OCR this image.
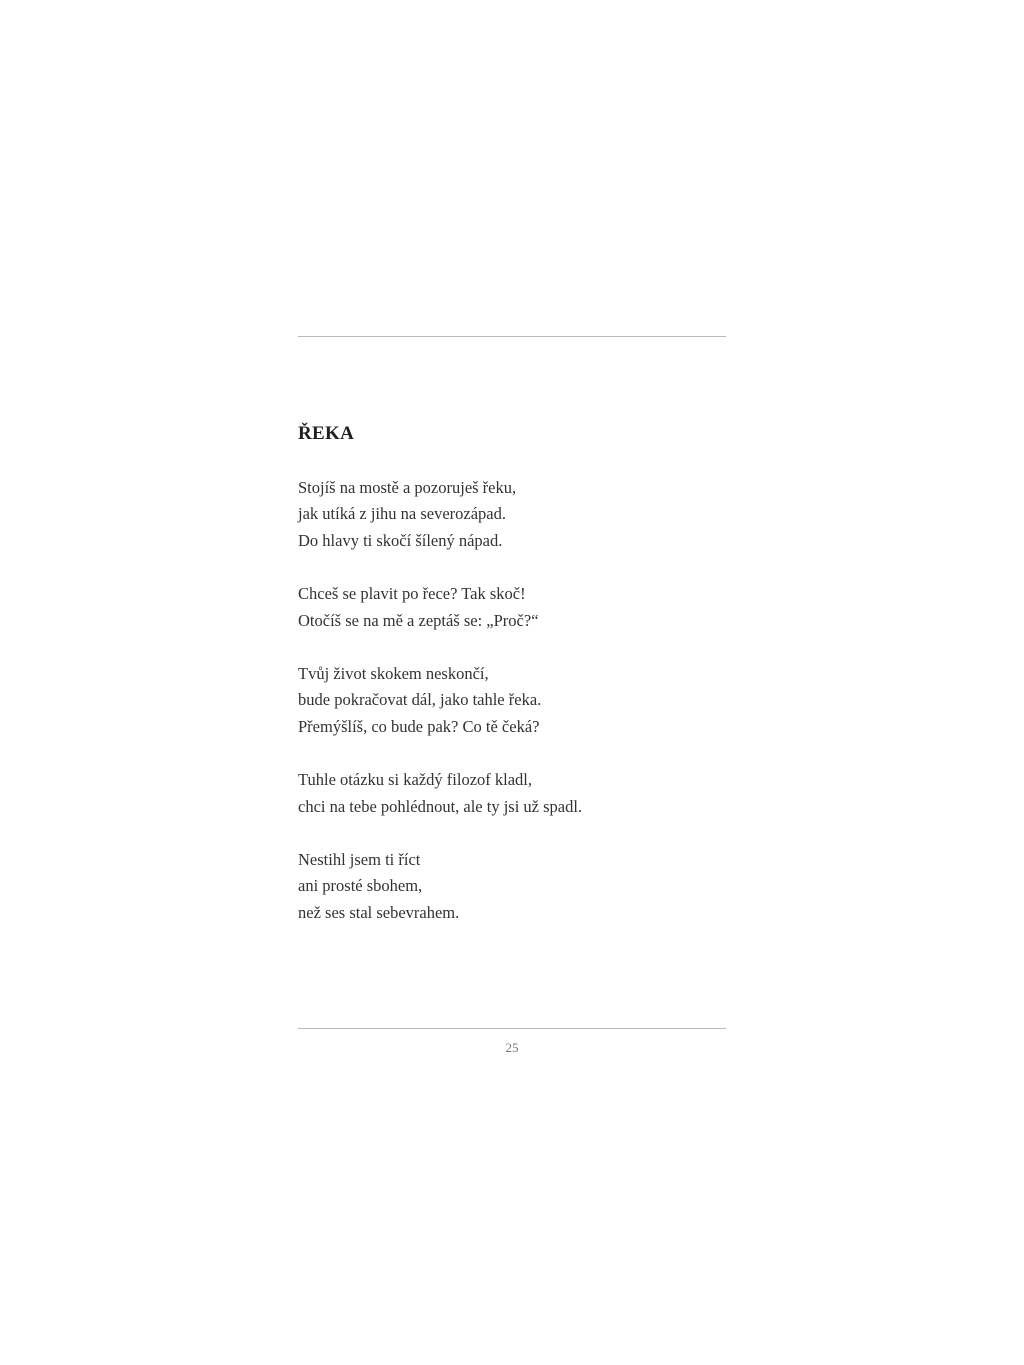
ŘEKA
Stojíš na mostě a pozoruješ řeku,
jak utíká z jihu na severozápad.
Do hlavy ti skočí šílený nápad.
Chceš se plavit po řece? Tak skoč!
Otočíš se na mě a zeptáš se: „Proč?“
Tvůj život skokem neskončí,
bude pokračovat dál, jako tahle řeka.
Přemýšlíš, co bude pak? Co tě čeká?
Tuhle otázku si každý filozof kladl,
chci na tebe pohlédnout, ale ty jsi už spadl.
Nestihl jsem ti říct
ani prosté sbohem,
než ses stal sebevrahem.
25
